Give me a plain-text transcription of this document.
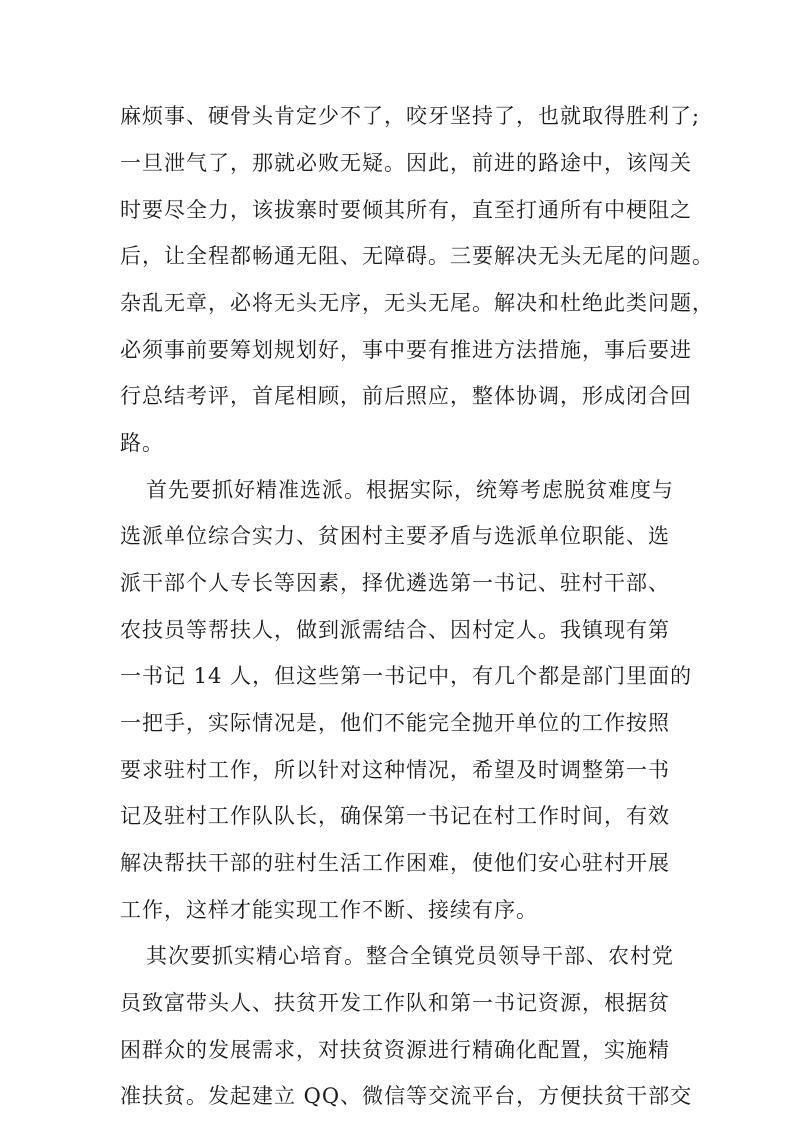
麻烦事、硬骨头肯定少不了，咬牙坚持了，也就取得胜利了;
一旦泄气了，那就必败无疑。因此，前进的路途中，该闯关
时要尽全力，该拔寨时要倾其所有，直至打通所有中梗阻之
后，让全程都畅通无阻、无障碍。三要解决无头无尾的问题。
杂乱无章，必将无头无序，无头无尾。解决和杜绝此类问题，
必须事前要筹划规划好，事中要有推进方法措施，事后要进
行总结考评，首尾相顾，前后照应，整体协调，形成闭合回
路。
首先要抓好精准选派。根据实际，统筹考虑脱贫难度与
选派单位综合实力、贫困村主要矛盾与选派单位职能、选
派干部个人专长等因素，择优遴选第一书记、驻村干部、
农技员等帮扶人，做到派需结合、因村定人。我镇现有第
一书记 14 人，但这些第一书记中，有几个都是部门里面的
一把手，实际情况是，他们不能完全抛开单位的工作按照
要求驻村工作，所以针对这种情况，希望及时调整第一书
记及驻村工作队队长，确保第一书记在村工作时间，有效
解决帮扶干部的驻村生活工作困难，使他们安心驻村开展
工作，这样才能实现工作不断、接续有序。
其次要抓实精心培育。整合全镇党员领导干部、农村党
员致富带头人、扶贫开发工作队和第一书记资源，根据贫
困群众的发展需求，对扶贫资源进行精确化配置，实施精
准扶贫。发起建立 QQ、微信等交流平台，方便扶贫干部交
